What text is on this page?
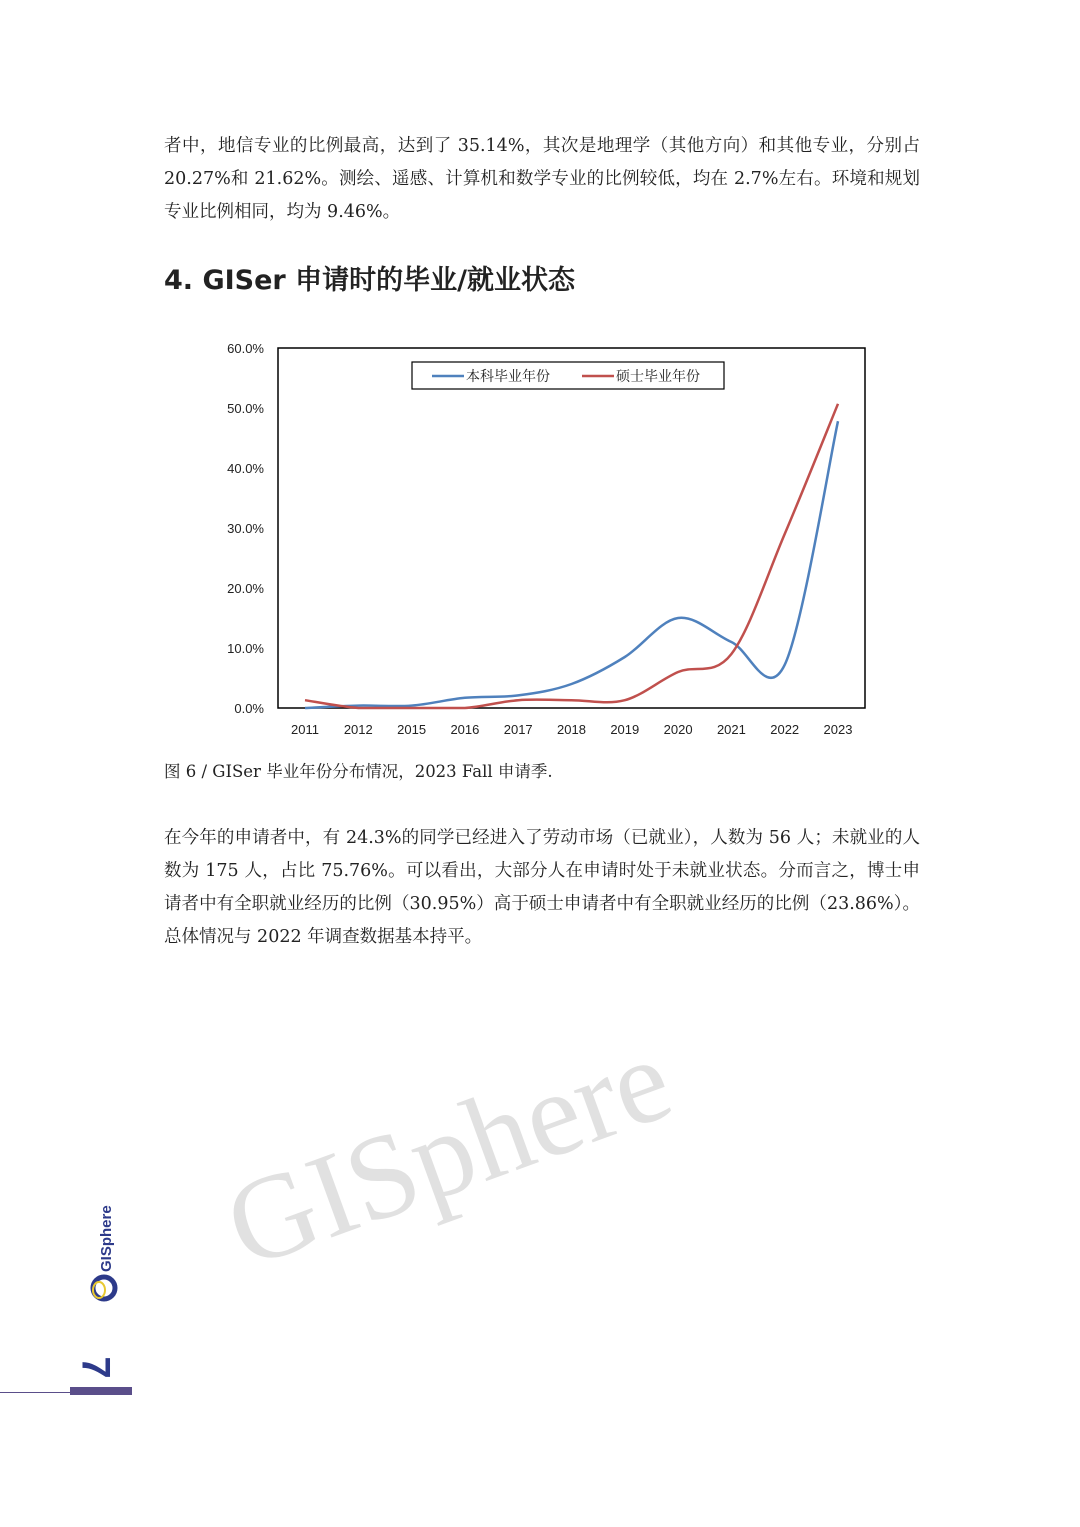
GISphere
者中，地信专业的比例最高，达到了 35.14%，其次是地理学（其他方向）和其他专业，分别占 20.27%和 21.62%。测绘、遥感、计算机和数学专业的比例较低，均在 2.7%左右。环境和规划专业比例相同，均为 9.46%。
4. GISer 申请时的毕业/就业状态
0.0%
10.0%
20.0%
30.0%
40.0%
50.0%
60.0%
2011 2012 2015 2016 2017 2018 2019 2020 2021 2022 2023
本科毕业年份	硕士毕业年份
图 6 / GISer 毕业年份分布情况，2023 Fall 申请季.
在今年的申请者中，有 24.3%的同学已经进入了劳动市场（已就业），人数为 56 人；未就业的人数为 175 人，占比 75.76%。可以看出，大部分人在申请时处于未就业状态。分而言之，博士申请者中有全职就业经历的比例（30.95%）高于硕士申请者中有全职就业经历的比例（23.86%）。总体情况与 2022 年调查数据基本持平。
GISphere
7
